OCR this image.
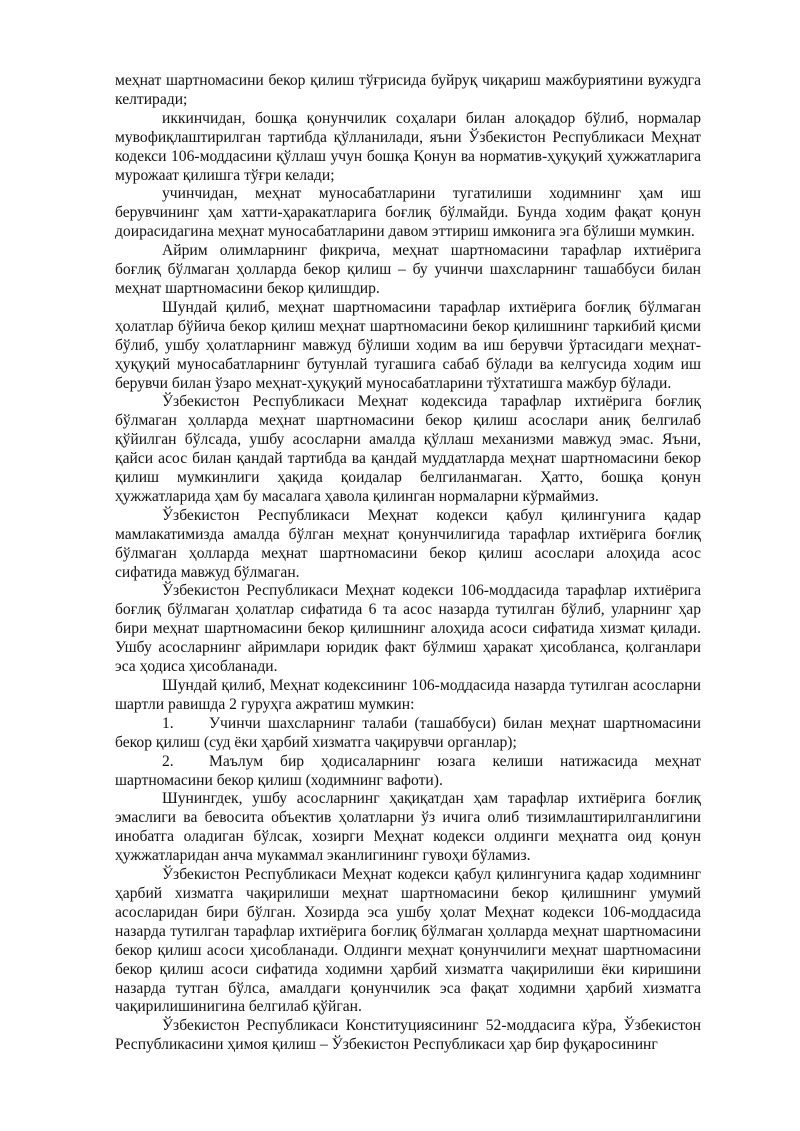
меҳнат шартномасини бекор қилиш тўғрисида буйруқ чиқариш мажбуриятини вужудга келтиради;

иккинчидан, бошқа қонунчилик соҳалари билан алоқадор бўлиб, нормалар мувофиқлаштирилган тартибда қўлланилади, яъни Ўзбекистон Республикаси Меҳнат кодекси 106-моддасини қўллаш учун бошқа Қонун ва норматив-ҳуқуқий ҳужжатларига мурожаат қилишга тўғри келади;

учинчидан, меҳнат муносабатларини тугатилиши ходимнинг ҳам иш берувчининг ҳам хатти-ҳаракатларига боғлиқ бўлмайди. Бунда ходим фақат қонун доирасидагина меҳнат муносабатларини давом эттириш имконига эга бўлиши мумкин.

Айрим олимларнинг фикрича, меҳнат шартномасини тарафлар ихтиёрига боғлиқ бўлмаган ҳолларда бекор қилиш – бу учинчи шахсларнинг ташаббуси билан меҳнат шартномасини бекор қилишдир.

Шундай қилиб, меҳнат шартномасини тарафлар ихтиёрига боғлиқ бўлмаган ҳолатлар бўйича бекор қилиш меҳнат шартномасини бекор қилишнинг таркибий қисми бўлиб, ушбу ҳолатларнинг мавжуд бўлиши ходим ва иш берувчи ўртасидаги меҳнат-ҳуқуқий муносабатларнинг бутунлай тугашига сабаб бўлади ва келгусида ходим иш берувчи билан ўзаро меҳнат-ҳуқуқий муносабатларини тўхтатишга мажбур бўлади.

Ўзбекистон Республикаси Меҳнат кодексида тарафлар ихтиёрига боғлиқ бўлмаган ҳолларда меҳнат шартномасини бекор қилиш асослари аниқ белгилаб қўйилган бўлсада, ушбу асосларни амалда қўллаш механизми мавжуд эмас. Яъни, қайси асос билан қандай тартибда ва қандай муддатларда меҳнат шартномасини бекор қилиш мумкинлиги ҳақида қоидалар белгиланмаган. Ҳатто, бошқа қонун ҳужжатларида ҳам бу масалага ҳавола қилинган нормаларни кўрмаймиз.

Ўзбекистон Республикаси Меҳнат кодекси қабул қилингунига қадар мамлакатимизда амалда бўлган меҳнат қонунчилигида тарафлар ихтиёрига боғлиқ бўлмаган ҳолларда меҳнат шартномасини бекор қилиш асослари алоҳида асос сифатида мавжуд бўлмаган.

Ўзбекистон Республикаси Меҳнат кодекси 106-моддасида тарафлар ихтиёрига боғлиқ бўлмаган ҳолатлар сифатида 6 та асос назарда тутилган бўлиб, уларнинг ҳар бири меҳнат шартномасини бекор қилишнинг алоҳида асоси сифатида хизмат қилади. Ушбу асосларнинг айримлари юридик факт бўлмиш ҳаракат ҳисобланса, қолганлари эса ҳодиса ҳисобланади.

Шундай қилиб, Меҳнат кодексининг 106-моддасида назарда тутилган асосларни шартли равишда 2 гуруҳга ажратиш мумкин:

1. Учинчи шахсларнинг талаби (ташаббуси) билан меҳнат шартномасини бекор қилиш (суд ёки ҳарбий хизматга чақирувчи органлар);

2. Маълум бир ҳодисаларнинг юзага келиши натижасида меҳнат шартномасини бекор қилиш (ходимнинг вафоти).

Шунингдек, ушбу асосларнинг ҳақиқатдан ҳам тарафлар ихтиёрига боғлиқ эмаслиги ва бевосита объектив ҳолатларни ўз ичига олиб тизимлаштирилганлигини инобатга оладиган бўлсак, хозирги Меҳнат кодекси олдинги меҳнатга оид қонун ҳужжатларидан анча мукаммал эканлигининг гувоҳи бўламиз.

Ўзбекистон Республикаси Меҳнат кодекси қабул қилингунига қадар ходимнинг ҳарбий хизматга чақирилиши меҳнат шартномасини бекор қилишнинг умумий асосларидан бири бўлган. Хозирда эса ушбу ҳолат Меҳнат кодекси 106-моддасида назарда тутилган тарафлар ихтиёрига боғлиқ бўлмаган ҳолларда меҳнат шартномасини бекор қилиш асоси ҳисобланади. Олдинги меҳнат қонунчилиги меҳнат шартномасини бекор қилиш асоси сифатида ходимни ҳарбий хизматга чақирилиши ёки киришини назарда тутган бўлса, амалдаги қонунчилик эса фақат ходимни ҳарбий хизматга чақирилишинигина белгилаб қўйган.

Ўзбекистон Республикаси Конституциясининг 52-моддасига кўра, Ўзбекистон Республикасини ҳимоя қилиш – Ўзбекистон Республикаси ҳар бир фуқаросининг
